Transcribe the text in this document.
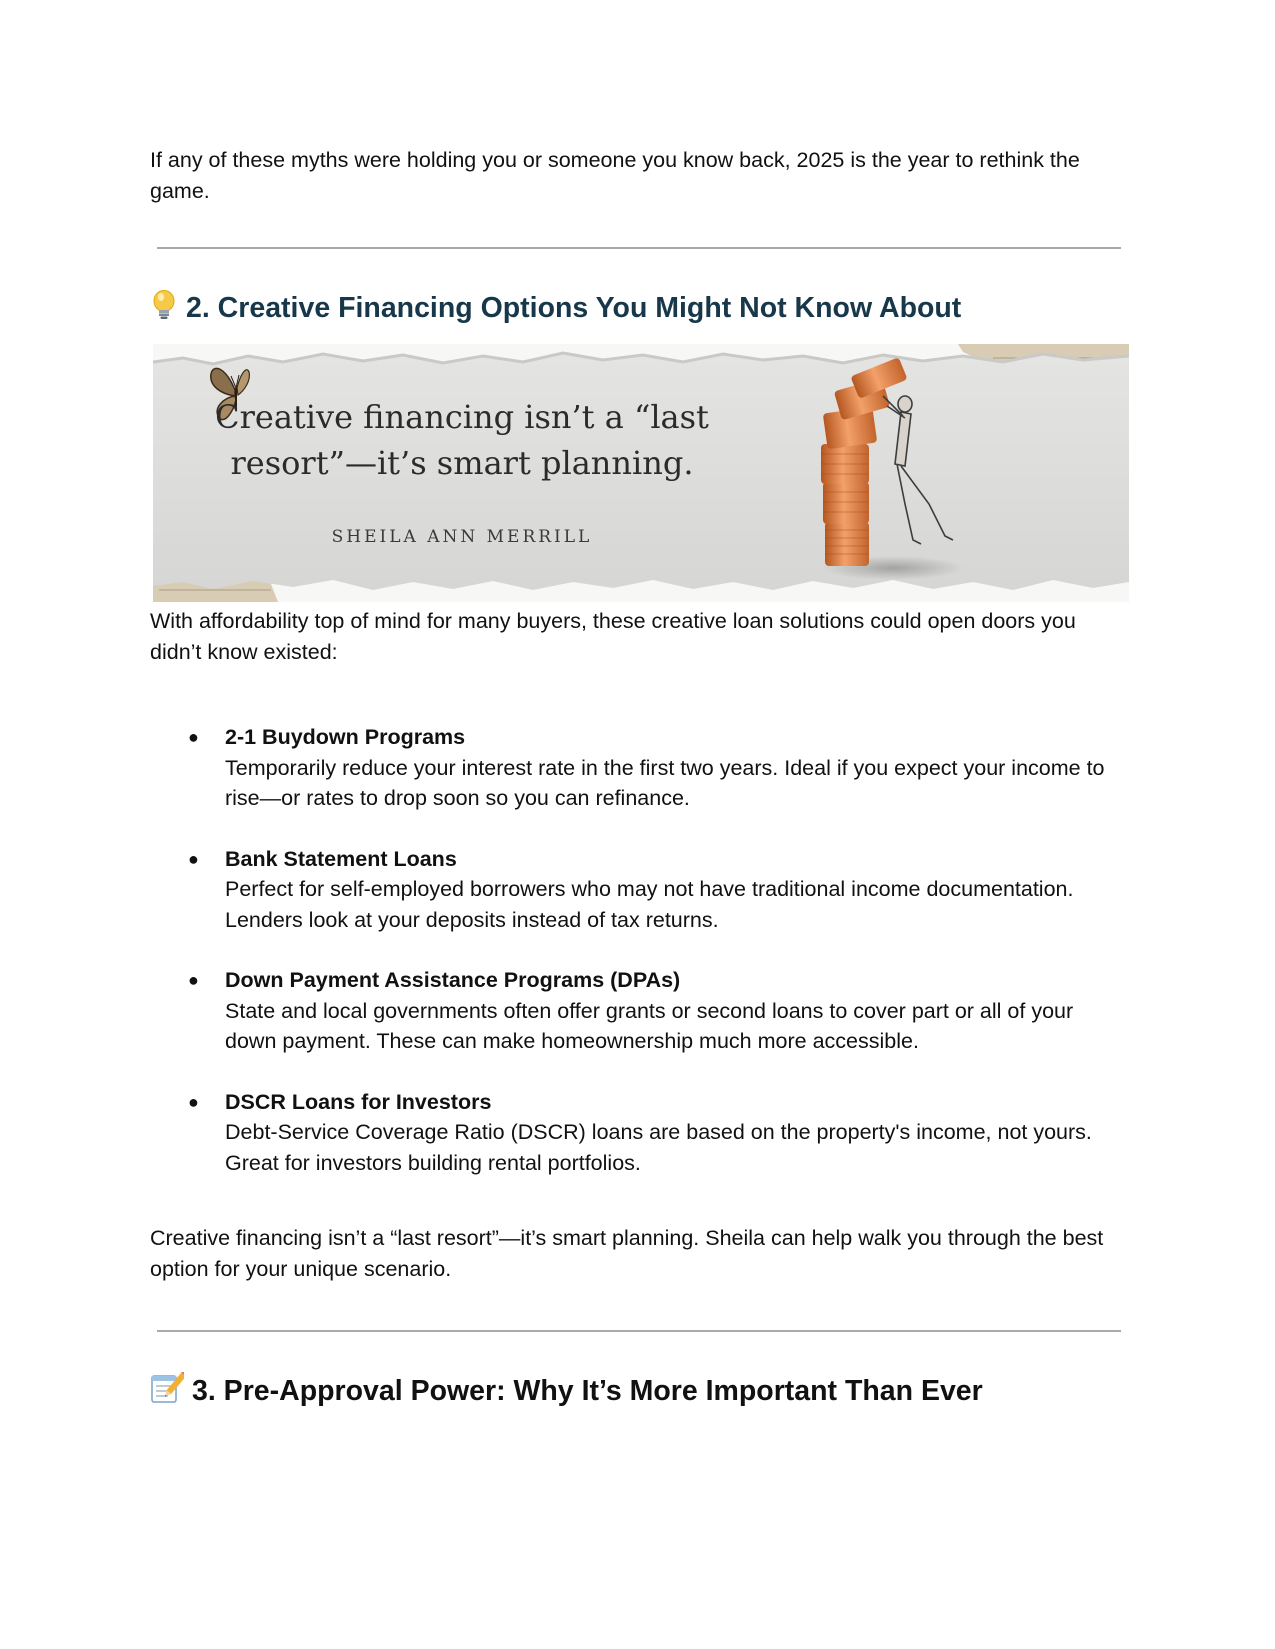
If any of these myths were holding you or someone you know back, 2025 is the year to rethink the game.

2. Creative Financing Options You Might Not Know About
Creative financing isn’t a “last
resort”—it’s smart planning.
SHEILA ANN MERRILL

With affordability top of mind for many buyers, these creative loan solutions could open doors you didn’t know existed:

● 2-1 Buydown Programs
Temporarily reduce your interest rate in the first two years. Ideal if you expect your income to rise—or rates to drop soon so you can refinance.
● Bank Statement Loans
Perfect for self-employed borrowers who may not have traditional income documentation. Lenders look at your deposits instead of tax returns.
● Down Payment Assistance Programs (DPAs)
State and local governments often offer grants or second loans to cover part or all of your down payment. These can make homeownership much more accessible.
● DSCR Loans for Investors
Debt-Service Coverage Ratio (DSCR) loans are based on the property's income, not yours. Great for investors building rental portfolios.

Creative financing isn’t a “last resort”—it’s smart planning. Sheila can help walk you through the best option for your unique scenario.

3. Pre-Approval Power: Why It’s More Important Than Ever
